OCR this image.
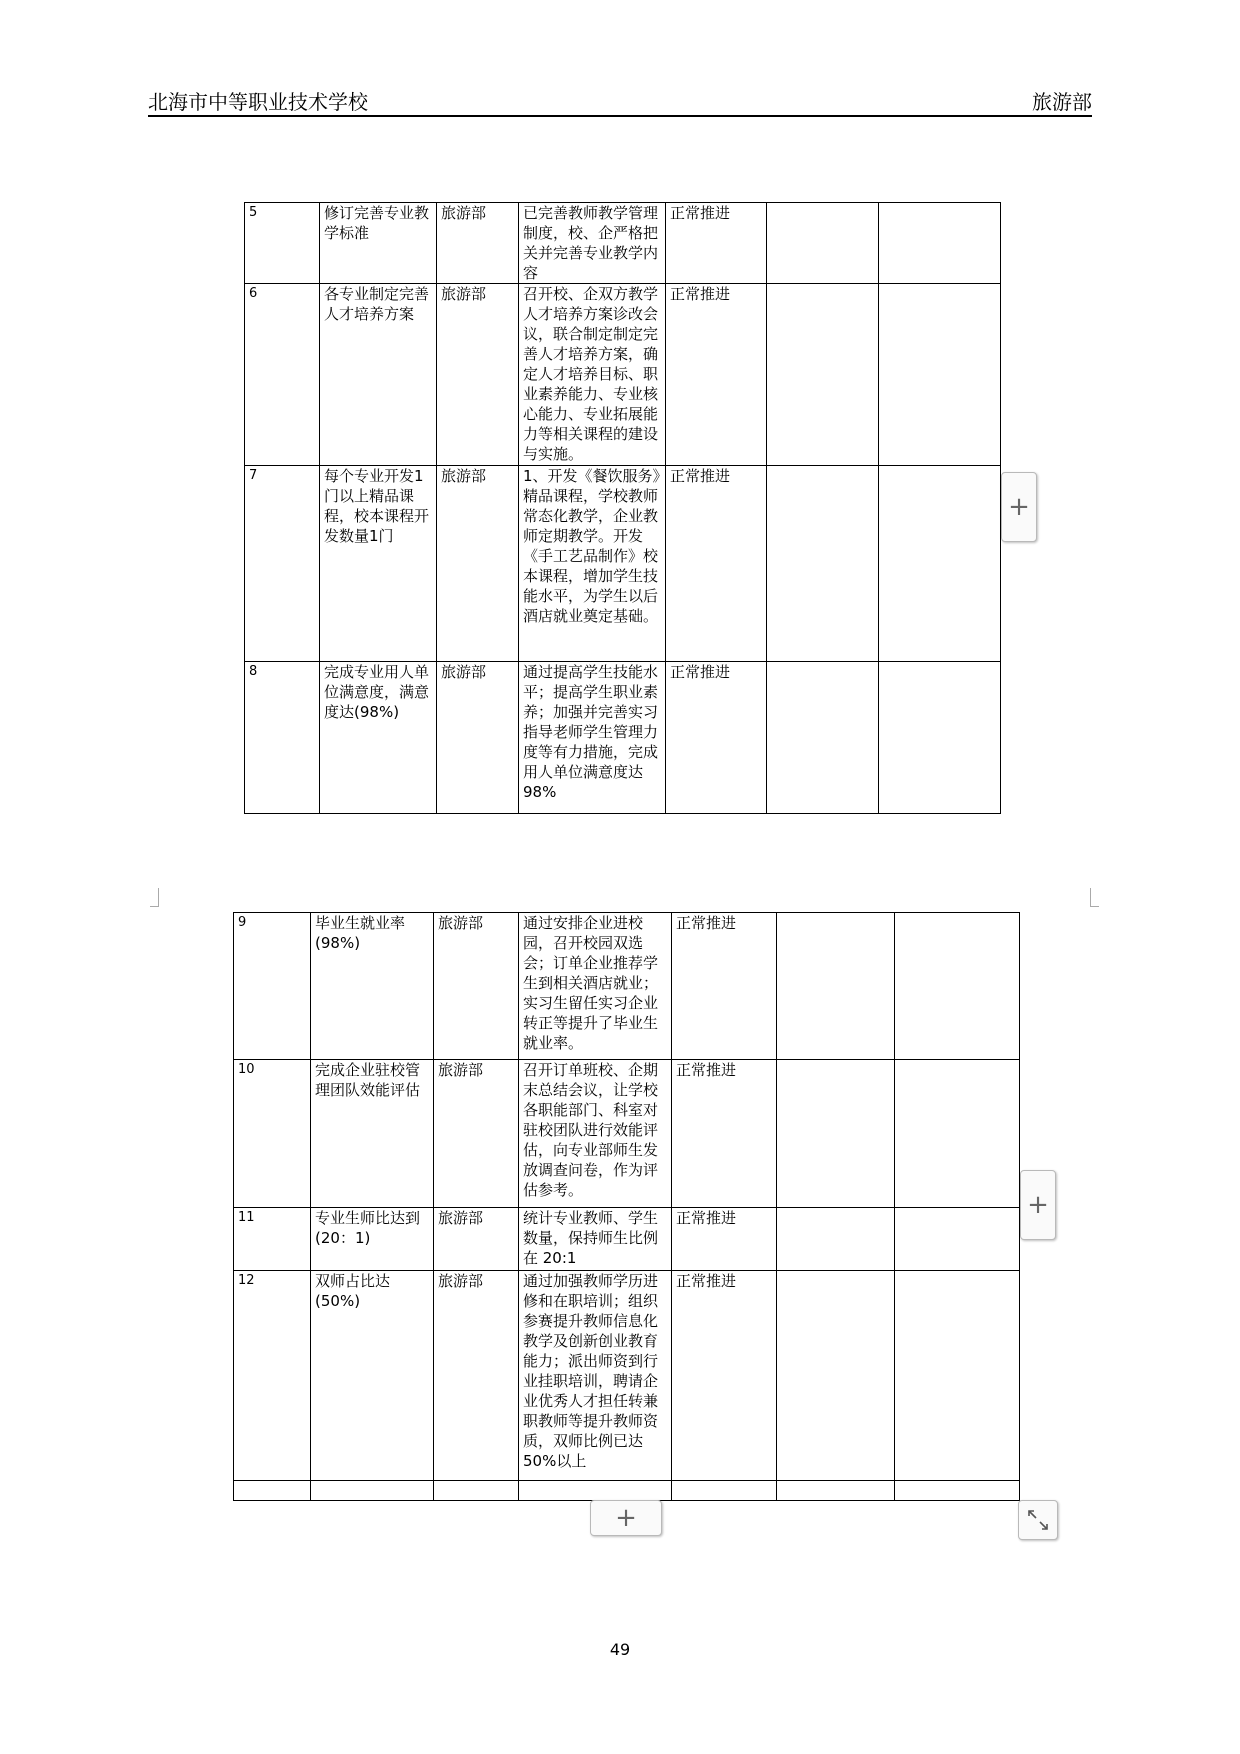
北海市中等职业技术学校	旅游部
5	修订完善专业教学标准	旅游部	已完善教师教学管理制度，校、企严格把关并完善专业教学内容	正常推进		
6	各专业制定完善人才培养方案	旅游部	召开校、企双方教学人才培养方案诊改会议，联合制定制定完善人才培养方案，确定人才培养目标、职业素养能力、专业核心能力、专业拓展能力等相关课程的建设与实施。	正常推进		
7	每个专业开发1门以上精品课程，校本课程开发数量1门	旅游部	1、开发《餐饮服务》精品课程，学校教师常态化教学，企业教师定期教学。开发《手工艺品制作》校本课程，增加学生技能水平，为学生以后酒店就业奠定基础。	正常推进		
8	完成专业用人单位满意度，满意度达(98%)	旅游部	通过提高学生技能水平；提高学生职业素养；加强并完善实习指导老师学生管理力度等有力措施，完成用人单位满意度达 98%	正常推进		
+
9	毕业生就业率(98%)	旅游部	通过安排企业进校园，召开校园双选会；订单企业推荐学生到相关酒店就业；实习生留任实习企业转正等提升了毕业生就业率。	正常推进		
10	完成企业驻校管理团队效能评估	旅游部	召开订单班校、企期末总结会议，让学校各职能部门、科室对驻校团队进行效能评估，向专业部师生发放调查问卷，作为评估参考。	正常推进		
11	专业生师比达到(20：1)	旅游部	统计专业教师、学生数量，保持师生比例在 20:1	正常推进		
12	双师占比达(50%)	旅游部	通过加强教师学历进修和在职培训；组织参赛提升教师信息化教学及创新创业教育能力；派出师资到行业挂职培训，聘请企业优秀人才担任转兼职教师等提升教师资质，双师比例已达 50%以上	正常推进		

+
+
49
